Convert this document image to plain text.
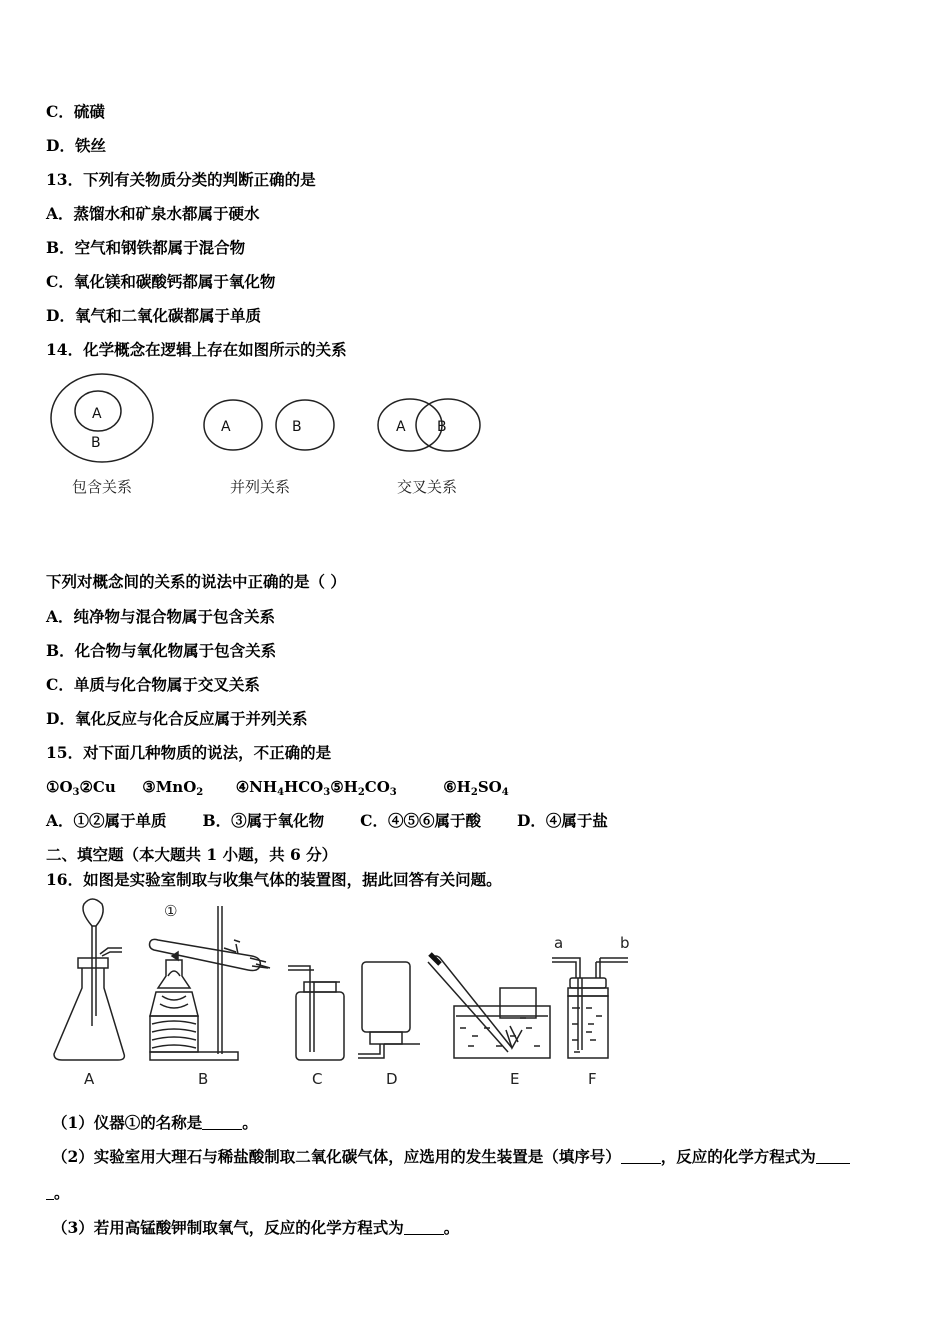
C．硫磺
D．铁丝
13．下列有关物质分类的判断正确的是
A．蒸馏水和矿泉水都属于硬水
B．空气和钢铁都属于混合物
C．氧化镁和碳酸钙都属于氧化物
D．氧气和二氧化碳都属于单质
14．化学概念在逻辑上存在如图所示的关系
A
B
包含关系
A	B
并列关系
A B
交叉关系
下列对概念间的关系的说法中正确的是（ ）
A．纯净物与混合物属于包含关系
B．化合物与氧化物属于包含关系
C．单质与化合物属于交叉关系
D．氧化反应与化合反应属于并列关系
15．对下面几种物质的说法，不正确的是
$①O_3②Cu$ ③MnO$_2$ $④NH_4HCO_3⑤H_2CO_3$	$⑥H_2SO_4$
A．①②属于单质 B．③属于氧化物 C．④⑤⑥属于酸 D．④属于盐
二、填空题（本大题共 1 小题，共 6 分）
16．如图是实验室制取与收集气体的装置图，据此回答有关问题。
①
a	b
A	B	C	D	E	F
（1）仪器①的名称是	。
（2）实验室用大理石与稀盐酸制取二氧化碳气体，应选用的发生装置是（填序号）	，反应的化学方程式为
。
（3）若用高锰酸钾制取氧气，反应的化学方程式为	。
